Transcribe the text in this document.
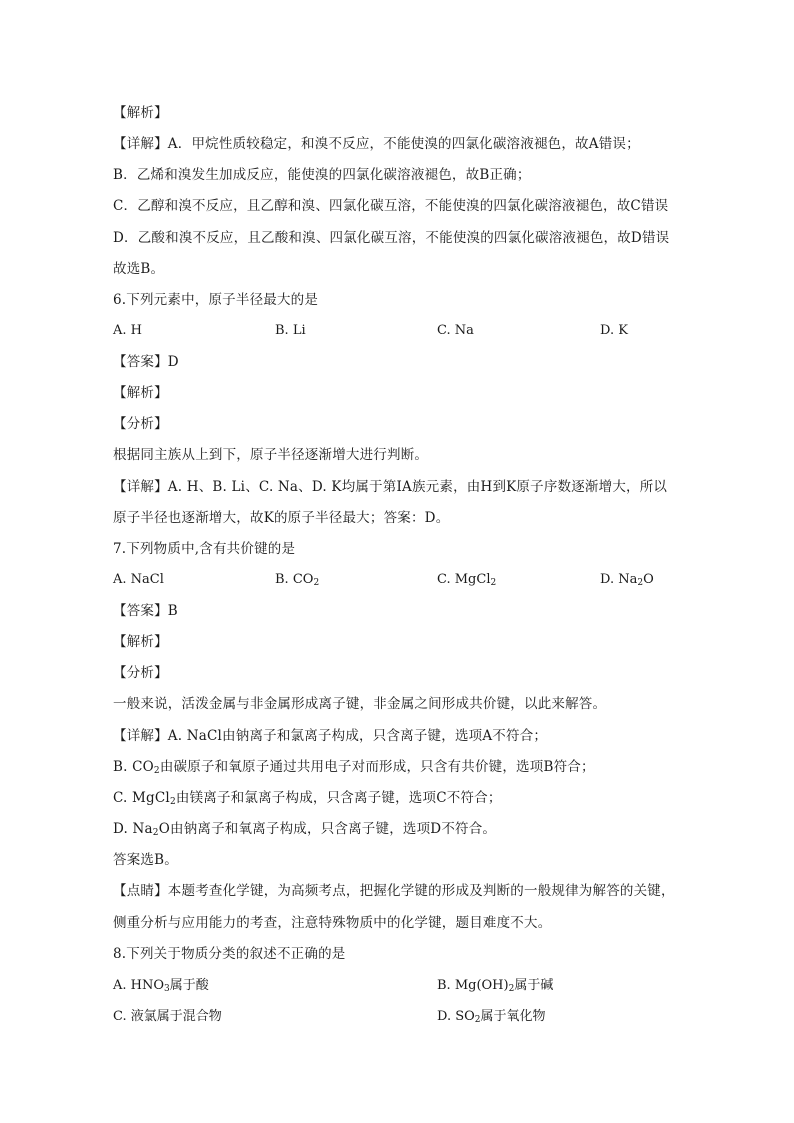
【解析】
【详解】A．甲烷性质较稳定，和溴不反应，不能使溴的四氯化碳溶液褪色，故A错误；
B．乙烯和溴发生加成反应，能使溴的四氯化碳溶液褪色，故B正确；
C．乙醇和溴不反应，且乙醇和溴、四氯化碳互溶，不能使溴的四氯化碳溶液褪色，故C错误
D．乙酸和溴不反应，且乙酸和溴、四氯化碳互溶，不能使溴的四氯化碳溶液褪色，故D错误
故选B。
6.下列元素中，原子半径最大的是
A. H	B. Li	C. Na	D. K
【答案】D
【解析】
【分析】
根据同主族从上到下，原子半径逐渐增大进行判断。
【详解】A. H、B. Li、C. Na、D. K均属于第IA族元素，由H到K原子序数逐渐增大，所以
原子半径也逐渐增大，故K的原子半径最大；答案：D。
7.下列物质中,含有共价键的是
A. NaCl	B. $CO_2$	C. MgCl$_2$	D. $Na_2O$
【答案】B
【解析】
【分析】
一般来说，活泼金属与非金属形成离子键，非金属之间形成共价键，以此来解答。
【详解】A. NaCl由钠离子和氯离子构成，只含离子键，选项A不符合；
B. $CO_2$由碳原子和氧原子通过共用电子对而形成，只含有共价键，选项B符合；
C. MgCl$_2$由镁离子和氯离子构成，只含离子键，选项C不符合；
D. $Na_2O$由钠离子和氧离子构成，只含离子键，选项D不符合。
答案选B。
【点睛】本题考查化学键，为高频考点，把握化学键的形成及判断的一般规律为解答的关键，
侧重分析与应用能力的考查，注意特殊物质中的化学键，题目难度不大。
8.下列关于物质分类的叙述不正确的是
A. $HNO_3$属于酸	B. $Mg(OH)_2$属于碱
C. 液氯属于混合物	D. $SO_2$属于氧化物
